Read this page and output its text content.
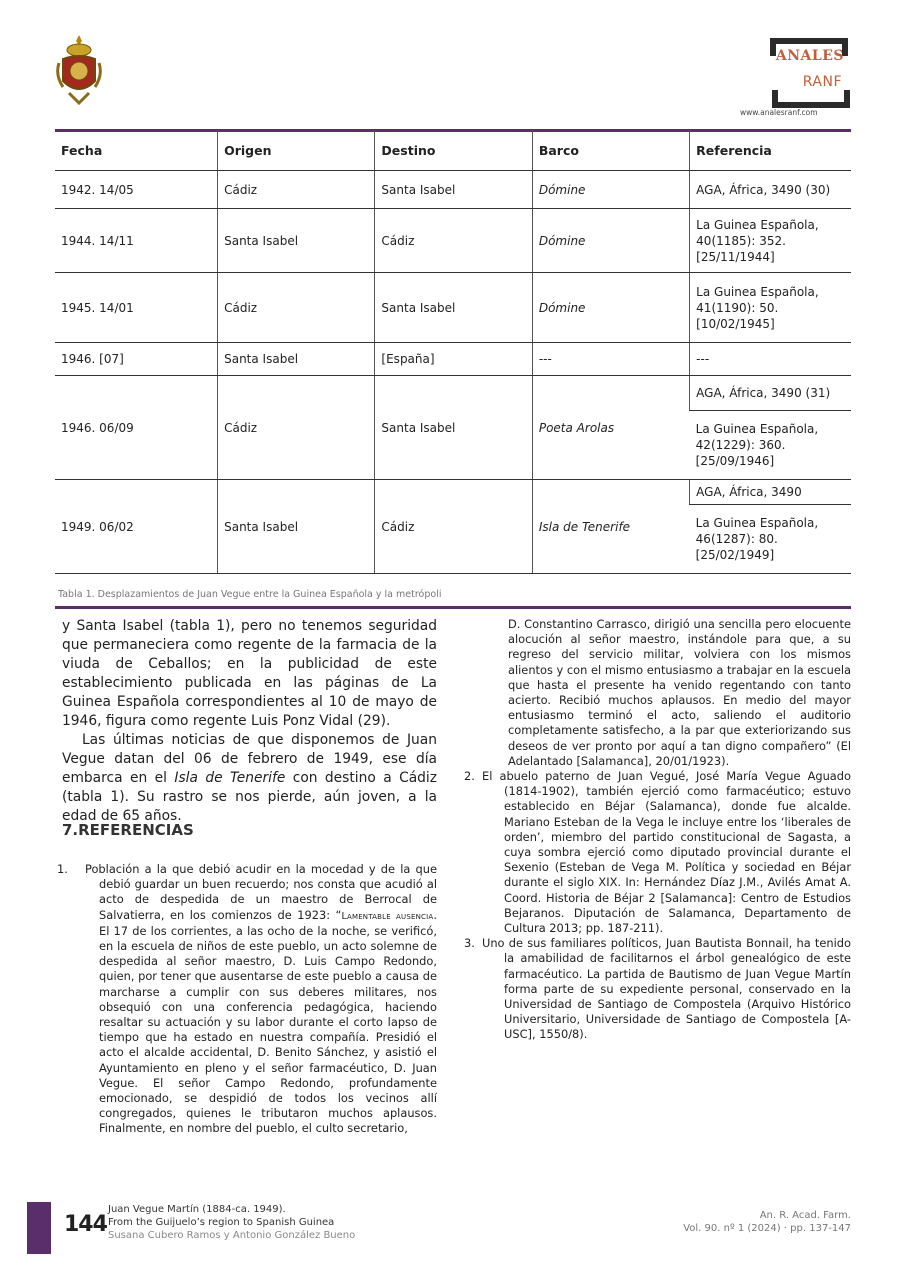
ANALES
RANF
www.analesranf.com
Fecha	Origen	Destino	Barco	Referencia
1942. 14/05	Cádiz	Santa Isabel	Dómine	AGA, África, 3490 (30)
1944. 14/11	Santa Isabel	Cádiz	Dómine	La Guinea Española, 40(1185): 352. [25/11/1944]
1945. 14/01	Cádiz	Santa Isabel	Dómine	La Guinea Española, 41(1190): 50. [10/02/1945]
1946. [07]	Santa Isabel	[España]	---	---
1946. 06/09	Cádiz	Santa Isabel	Poeta Arolas	AGA, África, 3490 (31)
				La Guinea Española, 42(1229): 360. [25/09/1946]
1949. 06/02	Santa Isabel	Cádiz	Isla de Tenerife	AGA, África, 3490
				La Guinea Española, 46(1287): 80. [25/02/1949]
Tabla 1. Desplazamientos de Juan Vegue entre la Guinea Española y la metrópoli

y Santa Isabel (tabla 1), pero no tenemos seguridad que permaneciera como regente de la farmacia de la viuda de Ceballos; en la publicidad de este establecimiento publicada en las páginas de La Guinea Española correspondientes al 10 de mayo de 1946, figura como regente Luis Ponz Vidal (29).

Las últimas noticias de que disponemos de Juan Vegue datan del 06 de febrero de 1949, ese día embarca en el Isla de Tenerife con destino a Cádiz (tabla 1). Su rastro se nos pierde, aún joven, a la edad de 65 años.

7.REFERENCIAS
1. Población a la que debió acudir en la mocedad y de la que debió guardar un buen recuerdo; nos consta que acudió al acto de despedida de un maestro de Berrocal de Salvatierra, en los comienzos de 1923: “Lamentable ausencia. El 17 de los corrientes, a las ocho de la noche, se verificó, en la escuela de niños de este pueblo, un acto solemne de despedida al señor maestro, D. Luis Campo Redondo, quien, por tener que ausentarse de este pueblo a causa de marcharse a cumplir con sus deberes militares, nos obsequió con una conferencia pedagógica, haciendo resaltar su actuación y su labor durante el corto lapso de tiempo que ha estado en nuestra compañía. Presidió el acto el alcalde accidental, D. Benito Sánchez, y asistió el Ayuntamiento en pleno y el señor farmacéutico, D. Juan Vegue. El señor Campo Redondo, profundamente emocionado, se despidió de todos los vecinos allí congregados, quienes le tributaron muchos aplausos. Finalmente, en nombre del pueblo, el culto secretario,
D. Constantino Carrasco, dirigió una sencilla pero elocuente alocución al señor maestro, instándole para que, a su regreso del servicio militar, volviera con los mismos alientos y con el mismo entusiasmo a trabajar en la escuela que hasta el presente ha venido regentando con tanto acierto. Recibió muchos aplausos. En medio del mayor entusiasmo terminó el acto, saliendo el auditorio completamente satisfecho, a la par que exteriorizando sus deseos de ver pronto por aquí a tan digno compañero” (El Adelantado [Salamanca], 20/01/1923).
2. El abuelo paterno de Juan Vegué, José María Vegue Aguado (1814-1902), también ejerció como farmacéutico; estuvo establecido en Béjar (Salamanca), donde fue alcalde. Mariano Esteban de la Vega le incluye entre los ‘liberales de orden’, miembro del partido constitucional de Sagasta, a cuya sombra ejerció como diputado provincial durante el Sexenio (Esteban de Vega M. Política y sociedad en Béjar durante el siglo XIX. In: Hernández Díaz J.M., Avilés Amat A. Coord. Historia de Béjar 2 [Salamanca]: Centro de Estudios Bejaranos. Diputación de Salamanca, Departamento de Cultura 2013; pp. 187-211).
3. Uno de sus familiares políticos, Juan Bautista Bonnail, ha tenido la amabilidad de facilitarnos el árbol genealógico de este farmacéutico. La partida de Bautismo de Juan Vegue Martín forma parte de su expediente personal, conservado en la Universidad de Santiago de Compostela (Arquivo Histórico Universitario, Universidade de Santiago de Compostela [A-USC], 1550/8).
144
Juan Vegue Martín (1884-ca. 1949).
From the Guijuelo’s region to Spanish Guinea
Susana Cubero Ramos y Antonio González Bueno
An. R. Acad. Farm.
Vol. 90. nº 1 (2024) · pp. 137-147
